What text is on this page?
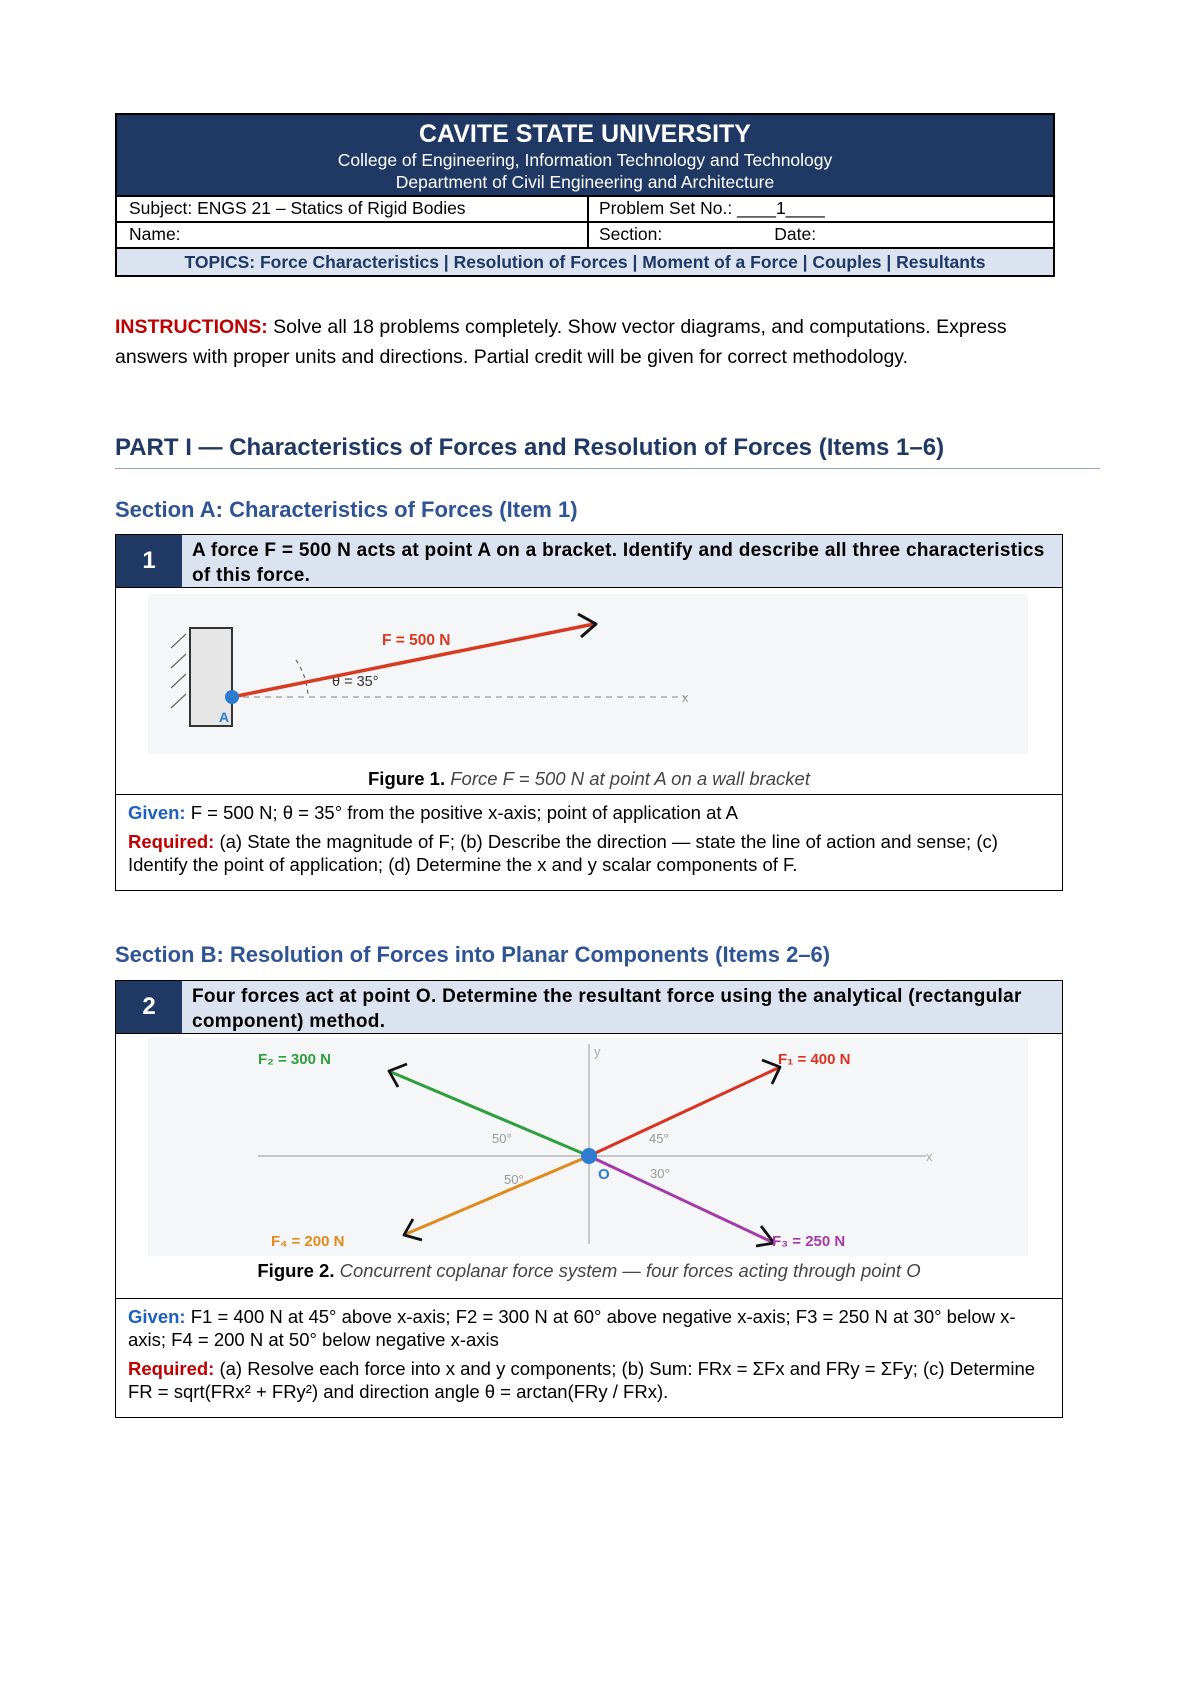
CAVITE STATE UNIVERSITY
College of Engineering, Information Technology and Technology
Department of Civil Engineering and Architecture
Subject: ENGS 21 – Statics of Rigid Bodies	Problem Set No.: ____1____
Name:	Section:	Date:
TOPICS: Force Characteristics | Resolution of Forces | Moment of a Force | Couples | Resultants
INSTRUCTIONS: Solve all 18 problems completely. Show vector diagrams, and computations. Express answers with proper units and directions. Partial credit will be given for correct methodology.
PART I — Characteristics of Forces and Resolution of Forces (Items 1–6)
Section A: Characteristics of Forces (Item 1)
1	A force F = 500 N acts at point A on a bracket. Identify and describe all three characteristics of this force.
x
θ = 35°
F = 500 N
A
Figure 1. Force F = 500 N at point A on a wall bracket

Given: F = 500 N; θ = 35° from the positive x-axis; point of application at A

Required: (a) State the magnitude of F; (b) Describe the direction — state the line of action and sense; (c) Identify the point of application; (d) Determine the x and y scalar components of F.

Section B: Resolution of Forces into Planar Components (Items 2–6)
2	Four forces act at point O. Determine the resultant force using the analytical (rectangular component) method.
x
y
45°
50°
30°
50°	O
F₁ = 400 N
F₂ = 300 N
F₃ = 250 N
F₄ = 200 N
Figure 2. Concurrent coplanar force system — four forces acting through point O

Given: F1 = 400 N at 45° above x-axis; F2 = 300 N at 60° above negative x-axis; F3 = 250 N at 30° below x-axis; F4 = 200 N at 50° below negative x-axis

Required: (a) Resolve each force into x and y components; (b) Sum: FRx = ΣFx and FRy = ΣFy; (c) Determine FR = sqrt(FRx² + FRy²) and direction angle θ = arctan(FRy / FRx).
